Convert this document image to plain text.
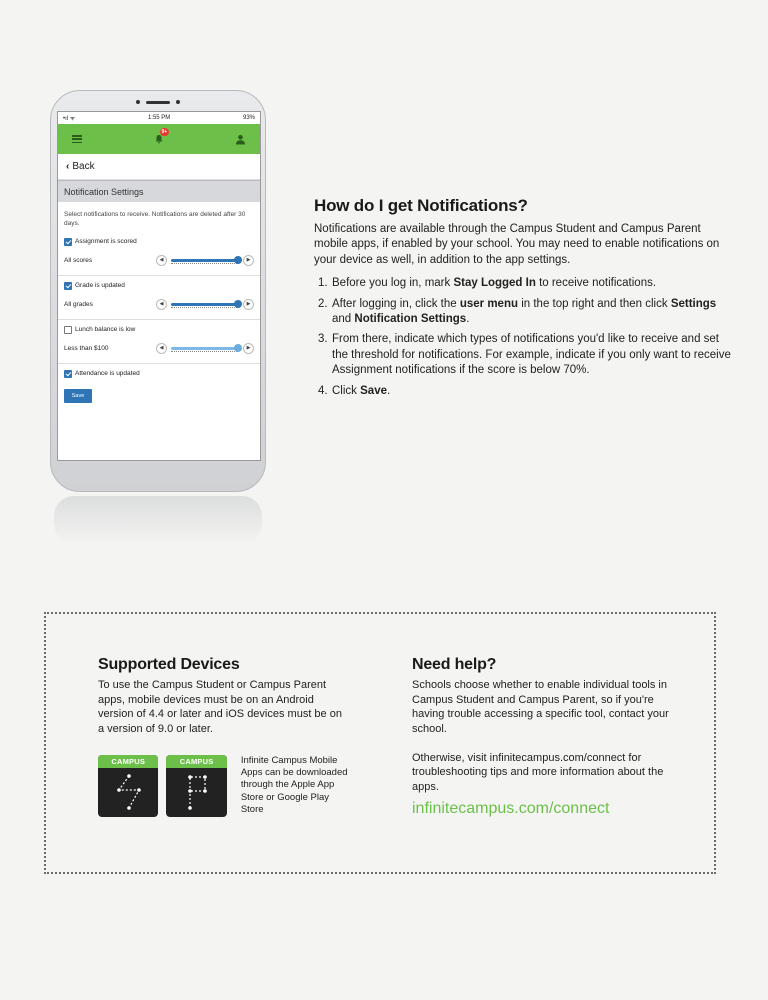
•ıl ᯤ	1:55 PM	93%
9+
‹ Back
Notification Settings
Select notifications to receive. Notifications are deleted after 30 days.
Assignment is scored
All scores	◀	▶
Grade is updated
All grades	◀	▶
Lunch balance is low
Less than $100	◀	▶
Attendance is updated
Save
How do I get Notifications?

Notifications are available through the Campus Student and Campus Parent mobile apps, if enabled by your school. You may need to enable notifications on your device as well, in addition to the app settings.

1. Before you log in, mark Stay Logged In to receive notifications.
2. After logging in, click the user menu in the top right and then click Settings and Notification Settings.
3. From there, indicate which types of notifications you'd like to receive and set the threshold for notifications. For example, indicate if you only want to receive Assignment notifications if the score is below 70%.
4. Click Save.
Supported Devices

To use the Campus Student or Campus Parent apps, mobile devices must be on an Android version of 4.4 or later and iOS devices must be on a version of 9.0 or later.

CAMPUS	CAMPUS	Infinite Campus Mobile Apps can be downloaded through the Apple App Store or Google Play Store
Need help?

Schools choose whether to enable individual tools in Campus Student and Campus Parent, so if you're having trouble accessing a specific tool, contact your school.

Otherwise, visit infinitecampus.com/connect for troubleshooting tips and more information about the apps.

infinitecampus.com/connect
